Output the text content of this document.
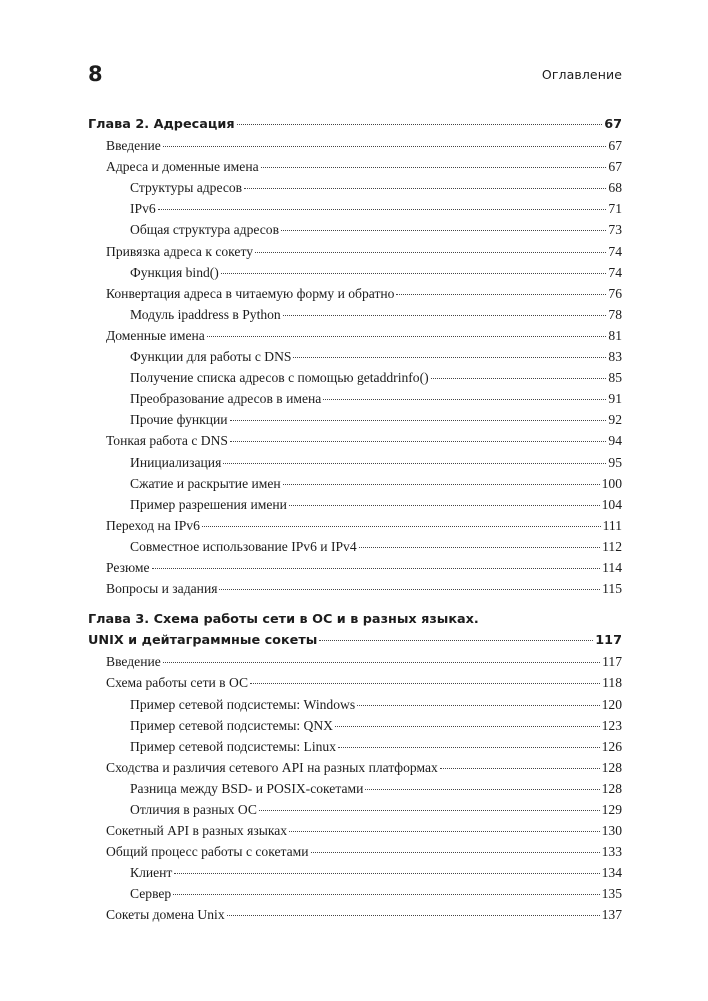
8	Оглавление
Глава 2. Адресация	67
Введение	67
Адреса и доменные имена	67
Структуры адресов	68
IPv6	71
Общая структура адресов	73
Привязка адреса к сокету	74
Функция bind()	74
Конвертация адреса в читаемую форму и обратно	76
Модуль ipaddress в Python	78
Доменные имена	81
Функции для работы с DNS	83
Получение списка адресов с помощью getaddrinfo()	85
Преобразование адресов в имена	91
Прочие функции	92
Тонкая работа с DNS	94
Инициализация	95
Сжатие и раскрытие имен	100
Пример разрешения имени	104
Переход на IPv6	111
Совместное использование IPv6 и IPv4	112
Резюме	114
Вопросы и задания	115
Глава 3. Схема работы сети в ОС и в разных языках.
UNIX и дейтаграммные сокеты	117
Введение	117
Схема работы сети в ОС	118
Пример сетевой подсистемы: Windows	120
Пример сетевой подсистемы: QNX	123
Пример сетевой подсистемы: Linux	126
Сходства и различия сетевого API на разных платформах	128
Разница между BSD- и POSIX-сокетами	128
Отличия в разных ОС	129
Сокетный API в разных языках	130
Общий процесс работы с сокетами	133
Клиент	134
Сервер	135
Сокеты домена Unix	137
